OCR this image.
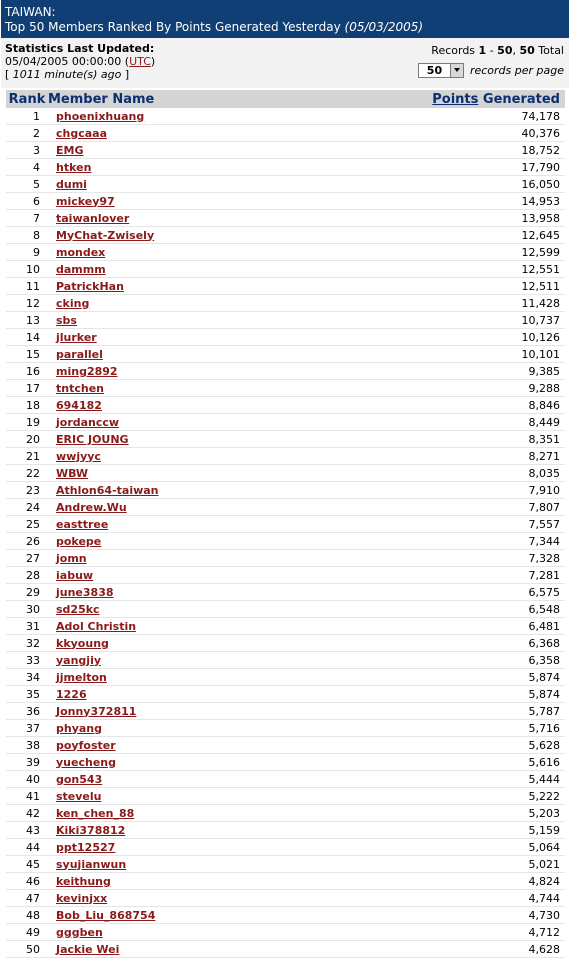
TAIWAN:
Top 50 Members Ranked By Points Generated Yesterday (05/03/2005)
Statistics Last Updated:
05/04/2005 00:00:00 (UTC)
[ 1011 minute(s) ago ]
Records 1 - 50, 50 Total
50	records per page
Rank	Member Name	Points Generated
1	phoenixhuang	74,178
2	chgcaaa	40,376
3	EMG	18,752
4	htken	17,790
5	dumi	16,050
6	mickey97	14,953
7	taiwanlover	13,958
8	MyChat-Zwisely	12,645
9	mondex	12,599
10	dammm	12,551
11	PatrickHan	12,511
12	cking	11,428
13	sbs	10,737
14	jlurker	10,126
15	parallel	10,101
16	ming2892	9,385
17	tntchen	9,288
18	694182	8,846
19	jordanccw	8,449
20	ERIC JOUNG	8,351
21	wwjyyc	8,271
22	WBW	8,035
23	Athlon64-taiwan	7,910
24	Andrew.Wu	7,807
25	easttree	7,557
26	pokepe	7,344
27	jomn	7,328
28	iabuw	7,281
29	june3838	6,575
30	sd25kc	6,548
31	Adol Christin	6,481
32	kkyoung	6,368
33	yangjiy	6,358
34	jjmelton	5,874
35	1226	5,874
36	Jonny372811	5,787
37	phyang	5,716
38	poyfoster	5,628
39	yuecheng	5,616
40	gon543	5,444
41	stevelu	5,222
42	ken_chen_88	5,203
43	Kiki378812	5,159
44	ppt12527	5,064
45	syujianwun	5,021
46	keithung	4,824
47	kevinjxx	4,744
48	Bob_Liu_868754	4,730
49	gggben	4,712
50	Jackie Wei	4,628
